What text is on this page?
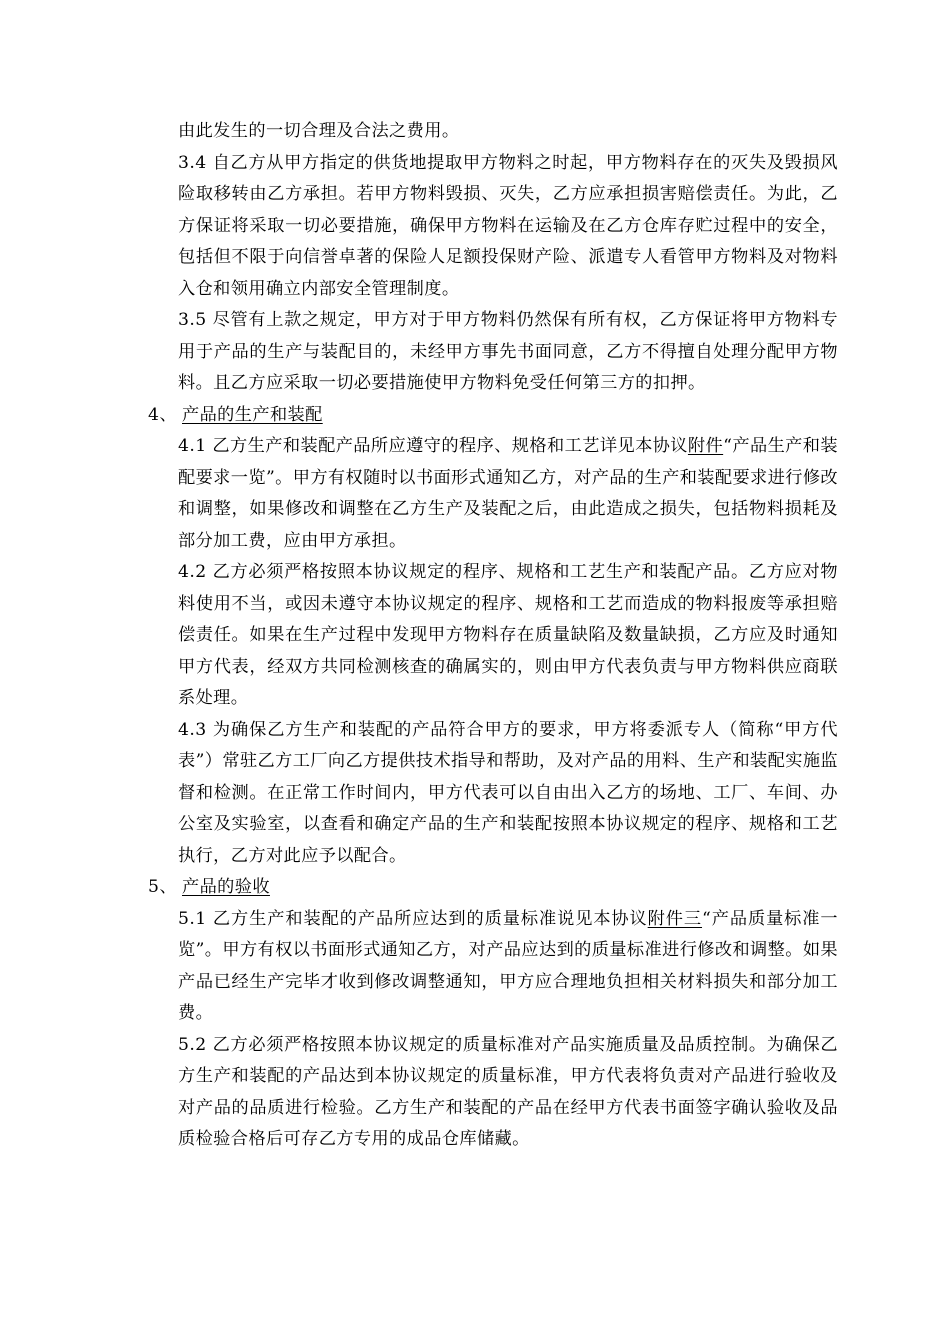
由此发生的一切合理及合法之费用。

3.4 自乙方从甲方指定的供货地提取甲方物料之时起，甲方物料存在的灭失及毁损风险取移转由乙方承担。若甲方物料毁损、灭失，乙方应承担损害赔偿责任。为此，乙方保证将采取一切必要措施，确保甲方物料在运输及在乙方仓库存贮过程中的安全，包括但不限于向信誉卓著的保险人足额投保财产险、派遣专人看管甲方物料及对物料入仓和领用确立内部安全管理制度。

3.5 尽管有上款之规定，甲方对于甲方物料仍然保有所有权，乙方保证将甲方物料专用于产品的生产与装配目的，未经甲方事先书面同意，乙方不得擅自处理分配甲方物料。且乙方应采取一切必要措施使甲方物料免受任何第三方的扣押。

4、 产品的生产和装配

4.1 乙方生产和装配产品所应遵守的程序、规格和工艺详见本协议附件“产品生产和装配要求一览”。甲方有权随时以书面形式通知乙方，对产品的生产和装配要求进行修改和调整，如果修改和调整在乙方生产及装配之后，由此造成之损失，包括物料损耗及部分加工费，应由甲方承担。

4.2 乙方必须严格按照本协议规定的程序、规格和工艺生产和装配产品。乙方应对物料使用不当，或因未遵守本协议规定的程序、规格和工艺而造成的物料报废等承担赔偿责任。如果在生产过程中发现甲方物料存在质量缺陷及数量缺损，乙方应及时通知甲方代表，经双方共同检测核查的确属实的，则由甲方代表负责与甲方物料供应商联系处理。

4.3 为确保乙方生产和装配的产品符合甲方的要求，甲方将委派专人（简称“甲方代表”）常驻乙方工厂向乙方提供技术指导和帮助，及对产品的用料、生产和装配实施监督和检测。在正常工作时间内，甲方代表可以自由出入乙方的场地、工厂、车间、办公室及实验室，以查看和确定产品的生产和装配按照本协议规定的程序、规格和工艺执行，乙方对此应予以配合。

5、 产品的验收

5.1 乙方生产和装配的产品所应达到的质量标准说见本协议附件三“产品质量标准一览”。甲方有权以书面形式通知乙方，对产品应达到的质量标准进行修改和调整。如果产品已经生产完毕才收到修改调整通知，甲方应合理地负担相关材料损失和部分加工费。

5.2 乙方必须严格按照本协议规定的质量标准对产品实施质量及品质控制。为确保乙方生产和装配的产品达到本协议规定的质量标准，甲方代表将负责对产品进行验收及对产品的品质进行检验。乙方生产和装配的产品在经甲方代表书面签字确认验收及品质检验合格后可存乙方专用的成品仓库储藏。
